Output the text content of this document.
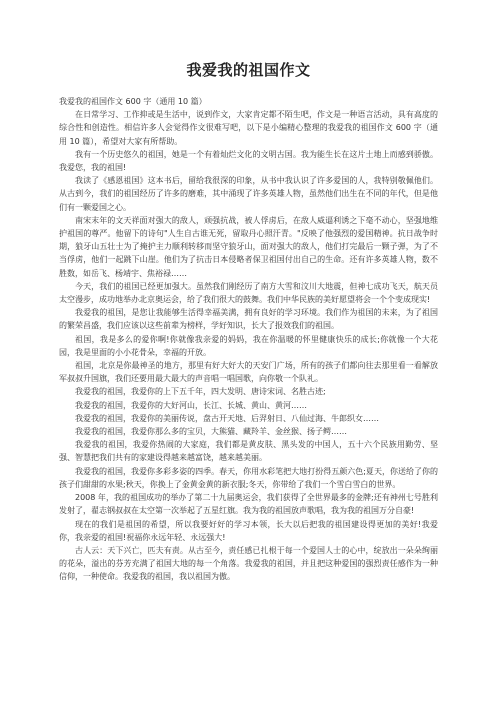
我爱我的祖国作文

我爱我的祖国作文 600 字（通用 10 篇）

在日常学习、工作抑或是生活中，说到作文，大家肯定都不陌生吧，作文是一种语言活动，具有高度的综合性和创造性。相信许多人会觉得作文很难写吧，以下是小编精心整理的我爱我的祖国作文 600 字（通用 10 篇），希望对大家有所帮助。

我有一个历史悠久的祖国，她是一个有着灿烂文化的文明古国。我为能生长在这片土地上而感到骄傲。我爱您，我的祖国!

我读了《感恩祖国》这本书后，留给我很深的印象，从书中我认识了许多爱国的人，我特别敬佩他们。从古到今，我们的祖国经历了许多的磨难，其中涌现了许多英雄人物，虽然他们出生在不同的年代，但是他们有一颗爱国之心。

南宋末年的文天祥面对强大的敌人，顽强抗战，被人俘虏后，在敌人威逼利诱之下毫不动心，坚强地维护祖国的尊严。他留下的诗句"人生自古谁无死，留取丹心照汗青。"反映了他强烈的爱国精神。抗日战争时期，狼牙山五壮士为了掩护主力顺利转移而坚守狼牙山，面对强大的敌人，他们打完最后一颗子弹，为了不当俘虏，他们一起跳下山崖。他们为了抗击日本侵略者保卫祖国付出自己的生命。还有许多英雄人物，数不胜数，如岳飞、杨靖宇、焦裕禄……

今天，我们的祖国已经更加强大。虽然我们刚经历了南方大雪和汶川大地震，但神七成功飞天，航天员太空漫步，成功地举办北京奥运会，给了我们很大的鼓舞。我们中华民族的美好愿望将会一个个变成现实!

我爱我的祖国，是您让我能够生活得幸福美满，拥有良好的学习环境。我们作为祖国的未来，为了祖国的繁荣昌盛，我们应该以这些前辈为榜样，学好知识，长大了报效我们的祖国。

祖国，我是多么的爱你啊!你就像我亲爱的妈妈，我在你温暖的怀里健康快乐的成长;你就像一个大花园，我是里面的小小花骨朵，幸福的开放。

祖国，北京是你最神圣的地方，那里有好大好大的天安门广场，所有的孩子们都向往去那里看一看解放军叔叔升国旗，我们还要用最大最大的声音唱一唱国歌，向你敬一个队礼。

我爱我的祖国，我爱你的上下五千年，四大发明、唐诗宋词、名胜古迹;

我爱我的祖国，我爱你的大好河山，长江、长城、黄山、黄河……

我爱我的祖国，我爱你的美丽传说，盘古开天地、后羿射日、八仙过海、牛郎织女……

我爱我的祖国，我爱你那么多的宝贝，大熊猫、藏羚羊、金丝猴、扬子鳄……

我爱我的祖国，我爱你热闹的大家庭，我们都是黄皮肤、黑头发的中国人，五十六个民族用勤劳、坚强、智慧把我们共有的家建设得越来越富饶，越来越美丽。

我爱我的祖国，我爱你多彩多姿的四季。春天，你用水彩笔把大地打扮得五颜六色;夏天，你送给了你的孩子们甜甜的水果;秋天，你换上了金黄金黄的新衣服;冬天，你带给了我们一个雪白雪白的世界。

2008 年，我的祖国成功的举办了第二十九届奥运会，我们获得了全世界最多的金牌;还有神州七号胜利发射了，翟志钢叔叔在太空第一次举起了五星红旗。我为我的祖国放声歌唱，我为我的祖国万分自豪!

现在的我们是祖国的希望，所以我要好好的学习本领，长大以后把我的祖国建设得更加的美好!我爱你，我亲爱的祖国!祝福你永远年轻、永远强大!

古人云：天下兴亡，匹夫有责。从古至今，责任感已扎根于每一个爱国人士的心中，绽放出一朵朵绚丽的花朵，溢出的芬芳充满了祖国大地的每一个角落。我爱我的祖国，并且把这种爱国的强烈责任感作为一种信仰，一种使命。我爱我的祖国，我以祖国为傲。
